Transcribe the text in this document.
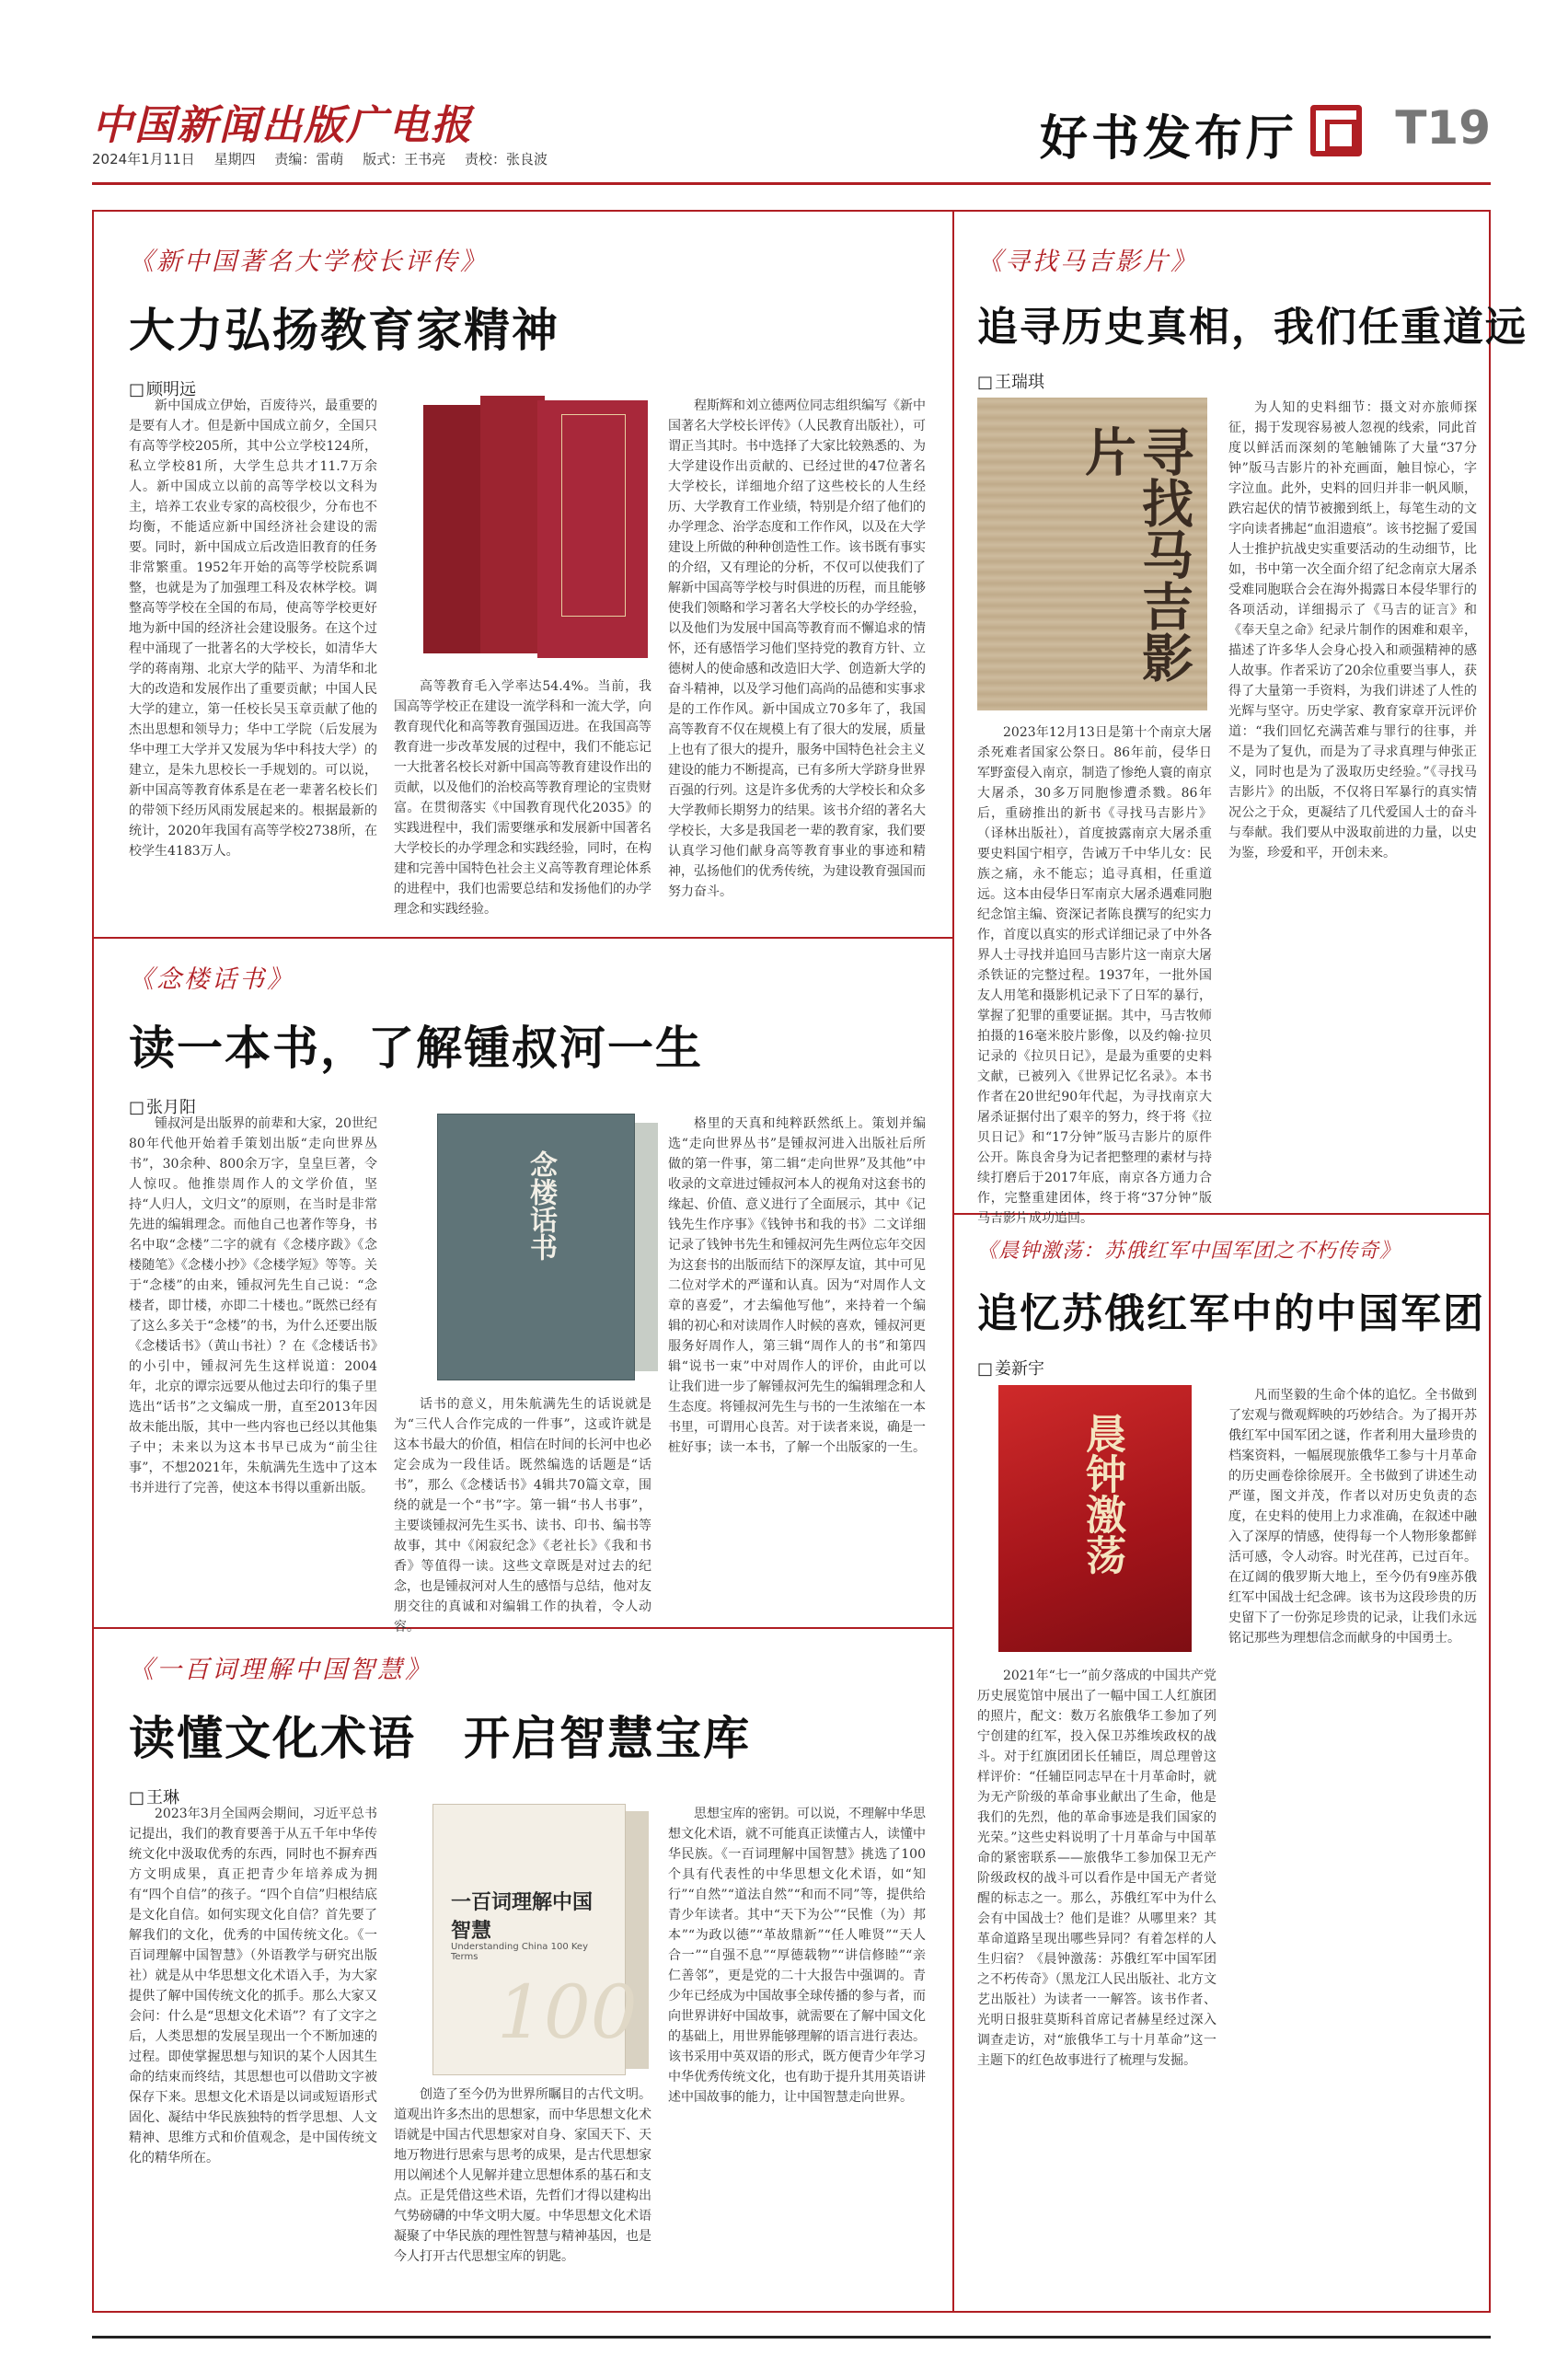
中国新闻出版广电报
2024年1月11日 星期四 责编：雷萌 版式：王书亮 责校：张良波	好书发布厅 T19
《新中国著名大学校长评传》
大力弘扬教育家精神
□ 顾明远

新中国成立伊始，百废待兴，最重要的是要有人才。但是新中国成立前夕，全国只有高等学校205所，其中公立学校124所，私立学校81所，大学生总共才11.7万余人。新中国成立以前的高等学校以文科为主，培养工农业专家的高校很少，分布也不均衡，不能适应新中国经济社会建设的需要。同时，新中国成立后改造旧教育的任务非常繁重。1952年开始的高等学校院系调整，也就是为了加强理工科及农林学校。调整高等学校在全国的布局，使高等学校更好地为新中国的经济社会建设服务。在这个过程中涌现了一批著名的大学校长，如清华大学的蒋南翔、北京大学的陆平、为清华和北大的改造和发展作出了重要贡献；中国人民大学的建立，第一任校长吴玉章贡献了他的杰出思想和领导力；华中工学院（后发展为华中理工大学并又发展为华中科技大学）的建立，是朱九思校长一手规划的。可以说，新中国高等教育体系是在老一辈著名校长们的带领下经历风雨发展起来的。根据最新的统计，2020年我国有高等学校2738所，在校学生4183万人。

高等教育毛入学率达54.4%。当前，我国高等学校正在建设一流学科和一流大学，向教育现代化和高等教育强国迈进。在我国高等教育进一步改革发展的过程中，我们不能忘记一大批著名校长对新中国高等教育建设作出的贡献，以及他们的治校高等教育理论的宝贵财富。在贯彻落实《中国教育现代化2035》的实践进程中，我们需要继承和发展新中国著名大学校长的办学理念和实践经验，同时，在构建和完善中国特色社会主义高等教育理论体系的进程中，我们也需要总结和发扬他们的办学理念和实践经验。

程斯辉和刘立德两位同志组织编写《新中国著名大学校长评传》（人民教育出版社），可谓正当其时。书中选择了大家比较熟悉的、为大学建设作出贡献的、已经过世的47位著名大学校长，详细地介绍了这些校长的人生经历、大学教育工作业绩，特别是介绍了他们的办学理念、治学态度和工作作风，以及在大学建设上所做的种种创造性工作。该书既有事实的介绍，又有理论的分析，不仅可以使我们了解新中国高等学校与时俱进的历程，而且能够使我们领略和学习著名大学校长的办学经验，以及他们为发展中国高等教育而不懈追求的情怀，还有感悟学习他们坚持党的教育方针、立德树人的使命感和改造旧大学、创造新大学的奋斗精神，以及学习他们高尚的品德和实事求是的工作作风。新中国成立70多年了，我国高等教育不仅在规模上有了很大的发展，质量上也有了很大的提升，服务中国特色社会主义建设的能力不断提高，已有多所大学跻身世界百强的行列。这是许多优秀的大学校长和众多大学教师长期努力的结果。该书介绍的著名大学校长，大多是我国老一辈的教育家，我们要认真学习他们献身高等教育事业的事迹和精神，弘扬他们的优秀传统，为建设教育强国而努力奋斗。

《寻找马吉影片》
追寻历史真相，我们任重道远
□ 王瑞琪
寻找马吉影片

2023年12月13日是第十个南京大屠杀死难者国家公祭日。86年前，侵华日军野蛮侵入南京，制造了惨绝人寰的南京大屠杀，30多万同胞惨遭杀戮。86年后，重磅推出的新书《寻找马吉影片》（译林出版社），首度披露南京大屠杀重要史料国宁相亨，告诫万千中华儿女：民族之痛，永不能忘；追寻真相，任重道远。这本由侵华日军南京大屠杀遇难同胞纪念馆主编、资深记者陈良撰写的纪实力作，首度以真实的形式详细记录了中外各界人士寻找并追回马吉影片这一南京大屠杀铁证的完整过程。1937年，一批外国友人用笔和摄影机记录下了日军的暴行，掌握了犯罪的重要证据。其中，马吉牧师拍摄的16毫米胶片影像，以及约翰·拉贝记录的《拉贝日记》，是最为重要的史料文献，已被列入《世界记忆名录》。本书作者在20世纪90年代起，为寻找南京大屠杀证据付出了艰辛的努力，终于将《拉贝日记》和“17分钟”版马吉影片的原件公开。陈良舍身为记者把整理的素材与持续打磨后于2017年底，南京各方通力合作，完整重建团体，终于将“37分钟”版马吉影片成功追回。

为人知的史料细节：摄文对亦旅师探征，揭于发现容易被人忽视的线索，同此首度以鲜活而深刻的笔触铺陈了大量“37分钟”版马吉影片的补充画面，触目惊心，字字泣血。此外，史料的回归并非一帆风顺，跌宕起伏的情节被搬到纸上，每笔生动的文字向读者拂起“血泪遗痕”。该书挖掘了爱国人士推护抗战史实重要活动的生动细节，比如，书中第一次全面介绍了纪念南京大屠杀受难同胞联合会在海外揭露日本侵华罪行的各项活动，详细揭示了《马吉的证言》和《奉天皇之命》纪录片制作的困难和艰辛，描述了许多华人会身心投入和顽强精神的感人故事。作者采访了20余位重要当事人，获得了大量第一手资料，为我们讲述了人性的光辉与坚守。历史学家、教育家章开沅评价道：“我们回忆充满苦难与罪行的往事，并不是为了复仇，而是为了寻求真理与伸张正义，同时也是为了汲取历史经验。”《寻找马吉影片》的出版，不仅将日军暴行的真实情况公之于众，更凝结了几代爱国人士的奋斗与奉献。我们要从中汲取前进的力量，以史为鉴，珍爱和平，开创未来。

《念楼话书》
读一本书，了解锺叔河一生
□ 张月阳

锺叔河是出版界的前辈和大家，20世纪80年代他开始着手策划出版“走向世界丛书”，30余种、800余万字，皇皇巨著，令人惊叹。他推崇周作人的文学价值，坚持“人归人，文归文”的原则，在当时是非常先进的编辑理念。而他自己也著作等身，书名中取“念楼”二字的就有《念楼序跋》《念楼随笔》《念楼小抄》《念楼学短》等等。关于“念楼”的由来，锺叔河先生自己说：“念楼者，即廿楼，亦即二十楼也。”既然已经有了这么多关于“念楼”的书，为什么还要出版《念楼话书》（黄山书社）？在《念楼话书》的小引中，锺叔河先生这样说道：2004年，北京的谭宗远要从他过去印行的集子里选出“话书”之文编成一册，直至2013年因故未能出版，其中一些内容也已经以其他集子中；未来以为这本书早已成为“前尘往事”，不想2021年，朱航满先生选中了这本书并进行了完善，使这本书得以重新出版。

话书的意义，用朱航满先生的话说就是为“三代人合作完成的一件事”，这或许就是这本书最大的价值，相信在时间的长河中也必定会成为一段佳话。既然编选的话题是“话书”，那么《念楼话书》4辑共70篇文章，围绕的就是一个“书”字。第一辑“书人书事”，主要谈锺叔河先生买书、读书、印书、编书等故事，其中《闲寂纪念》《老社长》《我和书香》等值得一读。这些文章既是对过去的纪念，也是锺叔河对人生的感悟与总结，他对友朋交往的真诚和对编辑工作的执着，令人动容。

格里的天真和纯粹跃然纸上。策划并编选“走向世界丛书”是锺叔河进入出版社后所做的第一件事，第二辑“走向世界”及其他”中收录的文章进过锺叔河本人的视角对这套书的缘起、价值、意义进行了全面展示，其中《记钱先生作序事》《钱钟书和我的书》二文详细记录了钱钟书先生和锺叔河先生两位忘年交因为这套书的出版而结下的深厚友谊，其中可见二位对学术的严谨和认真。因为“对周作人文章的喜爱”，才去编他写他”，来持着一个编辑的初心和对读周作人时候的喜欢，锺叔河更服务好周作人，第三辑“周作人的书”和第四辑“说书一束”中对周作人的评价，由此可以让我们进一步了解锺叔河先生的编辑理念和人生态度。将锺叔河先生与书的一生浓缩在一本书里，可谓用心良苦。对于读者来说，确是一桩好事；读一本书，了解一个出版家的一生。

念楼话书	《晨钟激荡：苏俄红军中国军团之不朽传奇》
追忆苏俄红军中的中国军团
□ 姜新宇
晨钟激荡

2021年“七一”前夕落成的中国共产党历史展览馆中展出了一幅中国工人红旗团的照片，配文：数万名旅俄华工参加了列宁创建的红军，投入保卫苏维埃政权的战斗。对于红旗团团长任辅臣，周总理曾这样评价：“任辅臣同志早在十月革命时，就为无产阶级的革命事业献出了生命，他是我们的先烈，他的革命事迹是我们国家的光荣。”这些史料说明了十月革命与中国革命的紧密联系——旅俄华工参加保卫无产阶级政权的战斗可以看作是中国无产者觉醒的标志之一。那么，苏俄红军中为什么会有中国战士？他们是谁？从哪里来？其革命道路呈现出哪些异同？有着怎样的人生归宿？《晨钟激荡：苏俄红军中国军团之不朽传奇》（黑龙江人民出版社、北方文艺出版社）为读者一一解答。该书作者、光明日报驻莫斯科首席记者赫星经过深入调查走访，对“旅俄华工与十月革命”这一主题下的红色故事进行了梳理与发掘。

凡而坚毅的生命个体的追忆。全书做到了宏观与微观辉映的巧妙结合。为了揭开苏俄红军中国军团之谜，作者利用大量珍贵的档案资料，一幅展现旅俄华工参与十月革命的历史画卷徐徐展开。全书做到了讲述生动严谨，图文并茂，作者以对历史负责的态度，在史料的使用上力求准确，在叙述中融入了深厚的情感，使得每一个人物形象都鲜活可感，令人动容。时光荏苒，已过百年。在辽阔的俄罗斯大地上，至今仍有9座苏俄红军中国战士纪念碑。该书为这段珍贵的历史留下了一份弥足珍贵的记录，让我们永远铭记那些为理想信念而献身的中国勇士。

《一百词理解中国智慧》
读懂文化术语　开启智慧宝库
□ 王琳

2023年3月全国两会期间，习近平总书记提出，我们的教育要善于从五千年中华传统文化中汲取优秀的东西，同时也不摒弃西方文明成果，真正把青少年培养成为拥有“四个自信”的孩子。“四个自信”归根结底是文化自信。如何实现文化自信？首先要了解我们的文化，优秀的中国传统文化。《一百词理解中国智慧》（外语教学与研究出版社）就是从中华思想文化术语入手，为大家提供了解中国传统文化的抓手。那么大家又会问：什么是“思想文化术语”？有了文字之后，人类思想的发展呈现出一个不断加速的过程。即使掌握思想与知识的某个人因其生命的结束而终结，其思想也可以借助文字被保存下来。思想文化术语是以词或短语形式固化、凝结中华民族独特的哲学思想、人文精神、思维方式和价值观念，是中国传统文化的精华所在。

创造了至今仍为世界所瞩目的古代文明。道观出许多杰出的思想家，而中华思想文化术语就是中国古代思想家对自身、家国天下、天地万物进行思索与思考的成果，是古代思想家用以阐述个人见解并建立思想体系的基石和支点。正是凭借这些术语，先哲们才得以建构出气势磅礴的中华文明大厦。中华思想文化术语凝聚了中华民族的理性智慧与精神基因，也是今人打开古代思想宝库的钥匙。

思想宝库的密钥。可以说，不理解中华思想文化术语，就不可能真正读懂古人，读懂中华民族。《一百词理解中国智慧》挑选了100个具有代表性的中华思想文化术语，如“知行”“自然”“道法自然”“和而不同”等，提供给青少年读者。其中“天下为公”“民惟（为）邦本”“为政以德”“革故鼎新”“任人唯贤”“天人合一”“自强不息”“厚德载物”“讲信修睦”“亲仁善邻”，更是党的二十大报告中强调的。青少年已经成为中国故事全球传播的参与者，而向世界讲好中国故事，就需要在了解中国文化的基础上，用世界能够理解的语言进行表达。该书采用中英双语的形式，既方便青少年学习中华优秀传统文化，也有助于提升其用英语讲述中国故事的能力，让中国智慧走向世界。

一百词理解中国智慧
Understanding China 100 Key Terms
100
